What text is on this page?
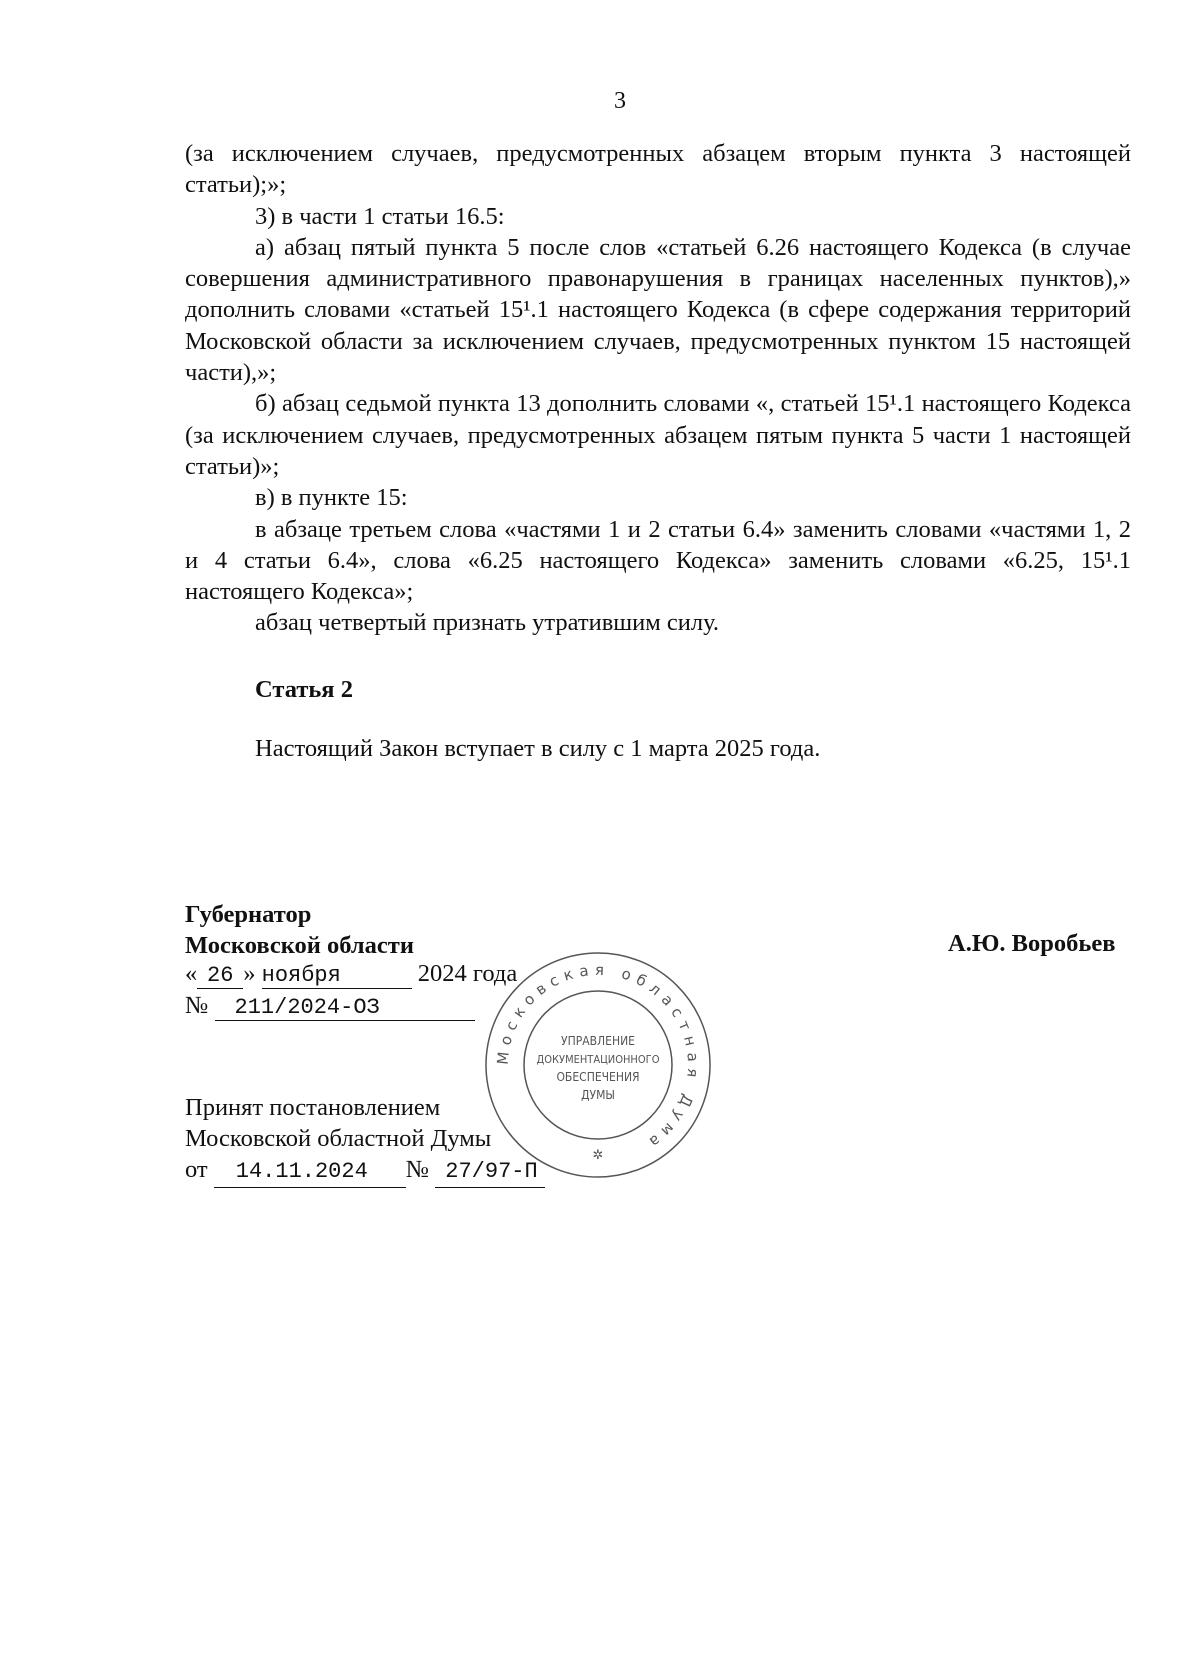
3

(за исключением случаев, предусмотренных абзацем вторым пункта 3 настоящей статьи);»;

3) в части 1 статьи 16.5:

а) абзац пятый пункта 5 после слов «статьей 6.26 настоящего Кодекса (в случае совершения административного правонарушения в границах населенных пунктов),» дополнить словами «статьей 15¹.1 настоящего Кодекса (в сфере содержания территорий Московской области за исключением случаев, предусмотренных пунктом 15 настоящей части),»;

б) абзац седьмой пункта 13 дополнить словами «, статьей 15¹.1 настоящего Кодекса (за исключением случаев, предусмотренных абзацем пятым пункта 5 части 1 настоящей статьи)»;

в) в пункте 15:

в абзаце третьем слова «частями 1 и 2 статьи 6.4» заменить словами «частями 1, 2 и 4 статьи 6.4», слова «6.25 настоящего Кодекса» заменить словами «6.25, 15¹.1 настоящего Кодекса»;

абзац четвертый признать утратившим силу.

Статья 2
Настоящий Закон вступает в силу с 1 марта 2025 года.
Губернатор
Московской области	А.Ю. Воробьев
« 26 » ноября	2024 года
№ 211/2024-ОЗ
Принят постановлением
Московской областной Думы
от 14.11.2024 № 27/97-П
Московская областная Дума
УПРАВЛЕНИЕ
ДОКУМЕНТАЦИОННОГО
ОБЕСПЕЧЕНИЯ
ДУМЫ
✲
